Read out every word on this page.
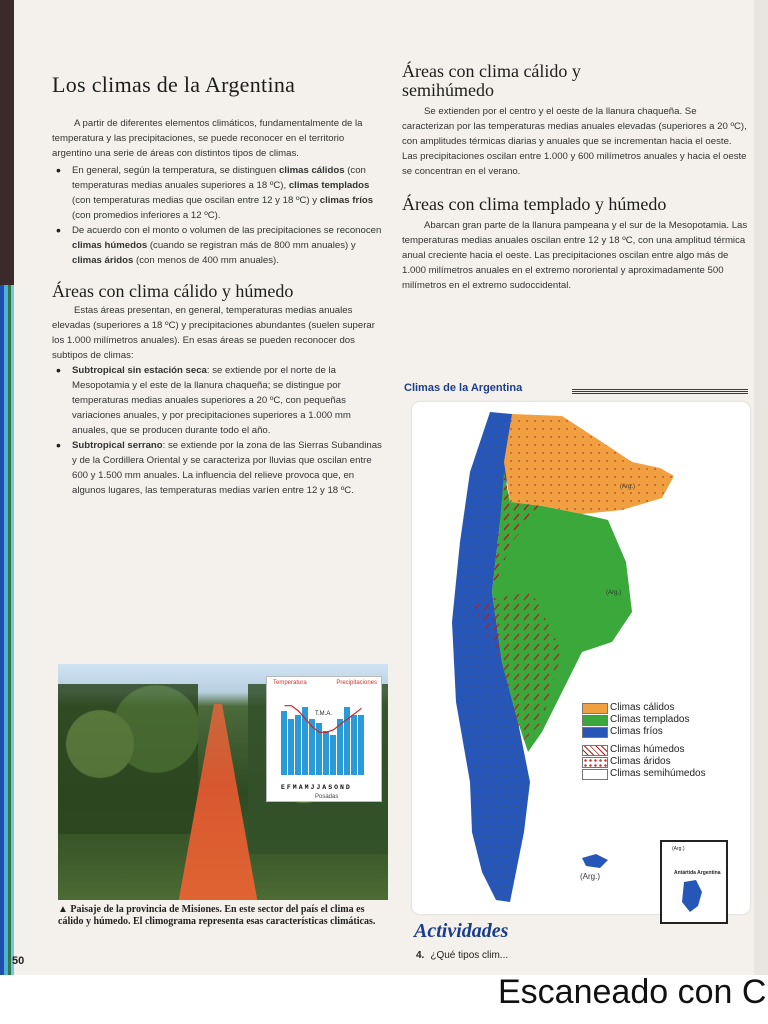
Los climas de la Argentina

A partir de diferentes elementos climáticos, fundamentalmente de la temperatura y las precipitaciones, se puede reconocer en el territorio argentino una serie de áreas con distintos tipos de climas.

• En general, según la temperatura, se distinguen climas cálidos (con temperaturas medias anuales superiores a 18 ºC), climas templados (con temperaturas medias que oscilan entre 12 y 18 ºC) y climas fríos (con promedios inferiores a 12 ºC).
• De acuerdo con el monto o volumen de las precipitaciones se reconocen climas húmedos (cuando se registran más de 800 mm anuales) y climas áridos (con menos de 400 mm anuales).
Áreas con clima cálido y húmedo

Estas áreas presentan, en general, temperaturas medias anuales elevadas (superiores a 18 ºC) y precipitaciones abundantes (suelen superar los 1.000 milímetros anuales). En esas áreas se pueden reconocer dos subtipos de climas:

• Subtropical sin estación seca: se extiende por el norte de la Mesopotamia y el este de la llanura chaqueña; se distingue por temperaturas medias anuales superiores a 20 ºC, con pequeñas variaciones anuales, y por precipitaciones superiores a 1.000 mm anuales, que se producen durante todo el año.
• Subtropical serrano: se extiende por la zona de las Sierras Subandinas y de la Cordillera Oriental y se caracteriza por lluvias que oscilan entre 600 y 1.500 mm anuales. La influencia del relieve provoca que, en algunos lugares, las temperaturas medias varíen entre 12 y 18 ºC.
Temperatura	Precipitaciones
T.M.A.
EFMAMJJASOND
Posadas
▲ Paisaje de la provincia de Misiones. En este sector del país el clima es cálido y húmedo. El climograma representa esas características climáticas.
50
Áreas con clima cálido y semihúmedo

Se extienden por el centro y el oeste de la llanura chaqueña. Se caracterizan por las temperaturas medias anuales elevadas (superiores a 20 ºC), con amplitudes térmicas diarias y anuales que se incrementan hacia el oeste. Las precipitaciones oscilan entre 1.000 y 600 milímetros anuales y hacia el oeste se concentran en el verano.

Áreas con clima templado y húmedo

Abarcan gran parte de la llanura pampeana y el sur de la Mesopotamia. Las temperaturas medias anuales oscilan entre 12 y 18 ºC, con una amplitud térmica anual creciente hacia el oeste. Las precipitaciones oscilan entre algo más de 1.000 milímetros anuales en el extremo nororiental y aproximadamente 500 milímetros en el extremo sudoccidental.

Climas de la Argentina
(Arg.)
(Arg.)
(Arg.)
Climas cálidos
Climas templados
Climas fríos
Climas húmedos
Climas áridos
Climas semihúmedos
(Arg.)
Antártida Argentina
Actividades
4. ¿Qué tipos clim...
Escaneado con C
